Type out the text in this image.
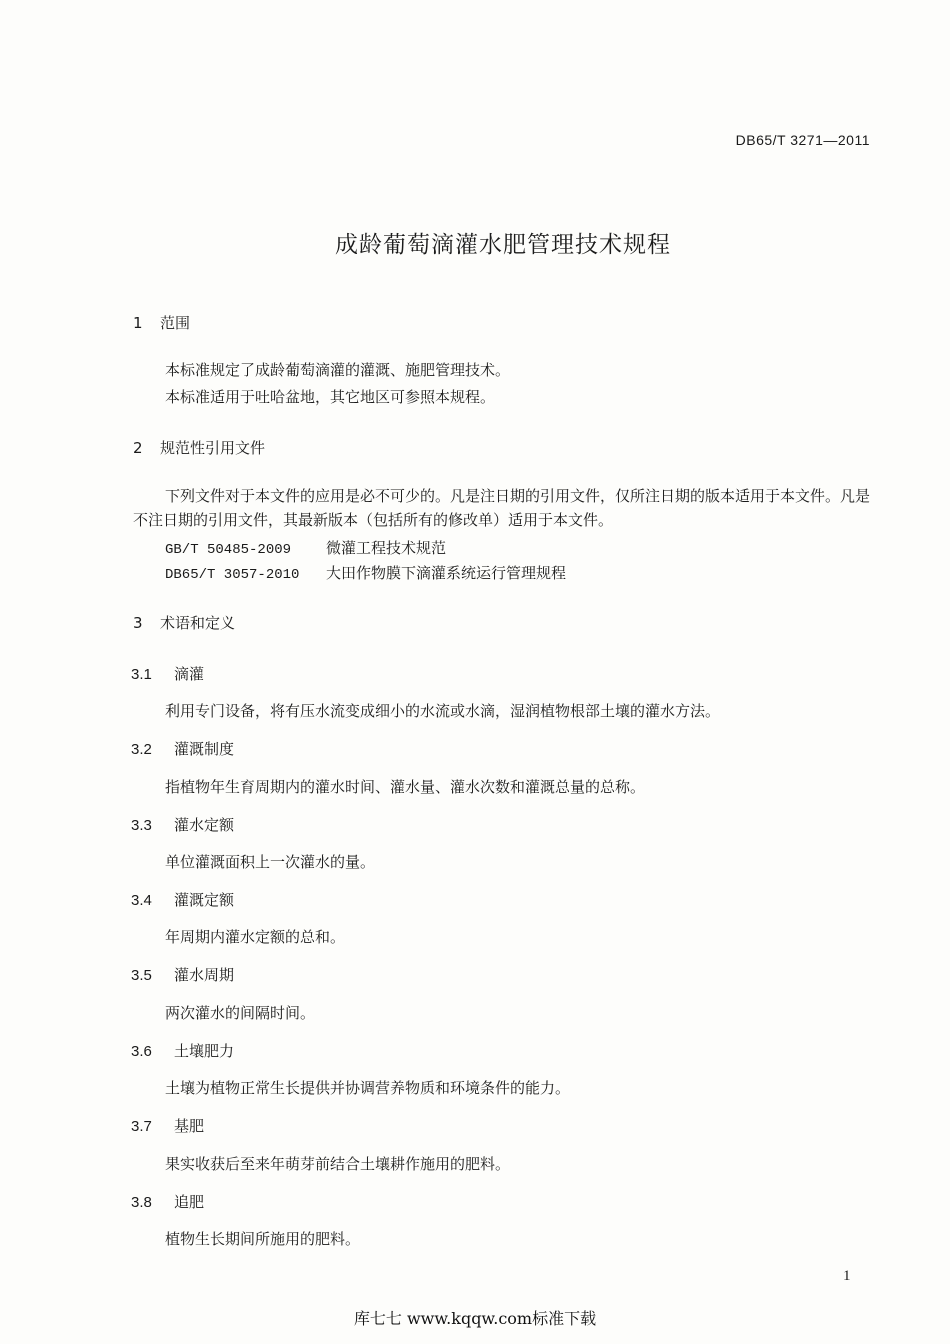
DB65/T 3271—2011
成龄葡萄滴灌水肥管理技术规程
1 范围
本标准规定了成龄葡萄滴灌的灌溉、施肥管理技术。
本标准适用于吐哈盆地，其它地区可参照本规程。
2 规范性引用文件
下列文件对于本文件的应用是必不可少的。凡是注日期的引用文件，仅所注日期的版本适用于本文件。凡是不注日期的引用文件，其最新版本（包括所有的修改单）适用于本文件。
GB/T 50485-2009 微灌工程技术规范
DB65/T 3057-2010 大田作物膜下滴灌系统运行管理规程
3 术语和定义
3.1 滴灌
利用专门设备，将有压水流变成细小的水流或水滴，湿润植物根部土壤的灌水方法。
3.2 灌溉制度
指植物年生育周期内的灌水时间、灌水量、灌水次数和灌溉总量的总称。
3.3 灌水定额
单位灌溉面积上一次灌水的量。
3.4 灌溉定额
年周期内灌水定额的总和。
3.5 灌水周期
两次灌水的间隔时间。
3.6 土壤肥力
土壤为植物正常生长提供并协调营养物质和环境条件的能力。
3.7 基肥
果实收获后至来年萌芽前结合土壤耕作施用的肥料。
3.8 追肥
植物生长期间所施用的肥料。
1
库七七 www.kqqw.com标准下载
